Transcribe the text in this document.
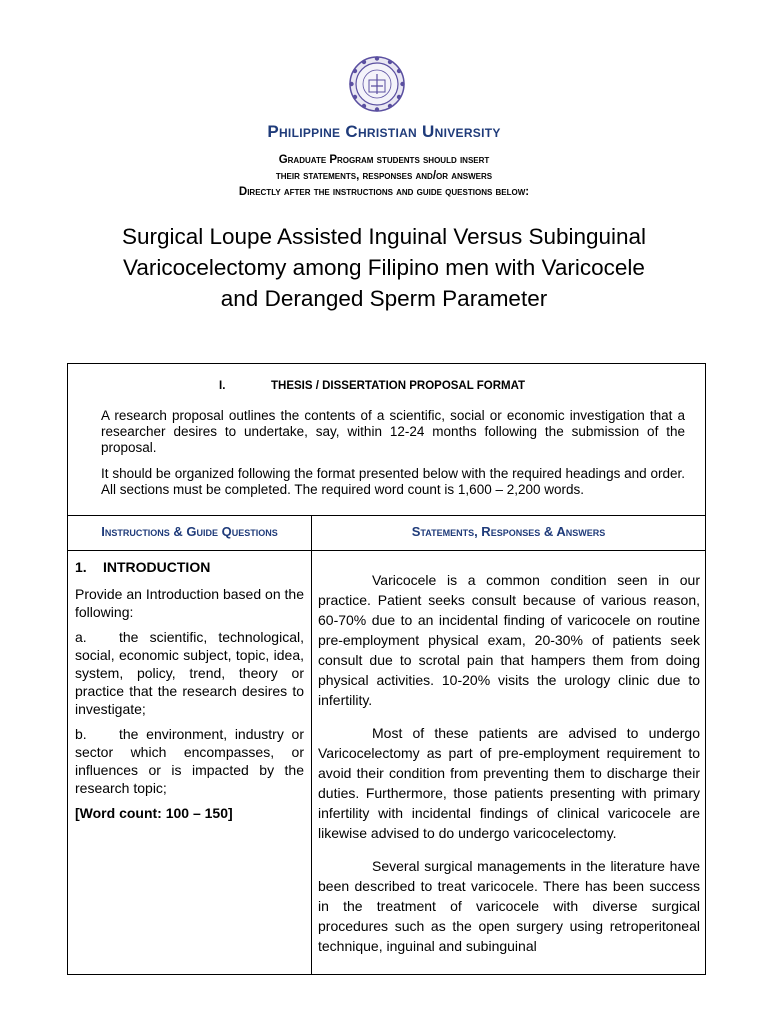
Philippine Christian University
Graduate Program students should insert
their statements, responses and/or answers
Directly after the instructions and guide questions below:
Surgical Loupe Assisted Inguinal Versus Subinguinal
Varicocelectomy among Filipino men with Varicocele
and Deranged Sperm Parameter
I.	THESIS / DISSERTATION PROPOSAL FORMAT
A research proposal outlines the contents of a scientific, social or economic investigation that a researcher desires to undertake, say, within 12-24 months following the submission of the proposal.
It should be organized following the format presented below with the required headings and order. All sections must be completed. The required word count is 1,600 – 2,200 words.
Instructions & Guide Questions	Statements, Responses & Answers
1. INTRODUCTION

Provide an Introduction based on the following:

a. the scientific, technological, social, economic subject, topic, idea, system, policy, trend, theory or practice that the research desires to investigate;

b. the environment, industry or sector which encompasses, or influences or is impacted by the research topic;

[Word count: 100 – 150]

Varicocele is a common condition seen in our practice. Patient seeks consult because of various reason, 60-70% due to an incidental finding of varicocele on routine pre-employment physical exam, 20-30% of patients seek consult due to scrotal pain that hampers them from doing physical activities. 10-20% visits the urology clinic due to infertility.

Most of these patients are advised to undergo Varicocelectomy as part of pre-employment requirement to avoid their condition from preventing them to discharge their duties. Furthermore, those patients presenting with primary infertility with incidental findings of clinical varicocele are likewise advised to do undergo varicocelectomy.

Several surgical managements in the literature have been described to treat varicocele. There has been success in the treatment of varicocele with diverse surgical procedures such as the open surgery using retroperitoneal technique, inguinal and subinguinal
